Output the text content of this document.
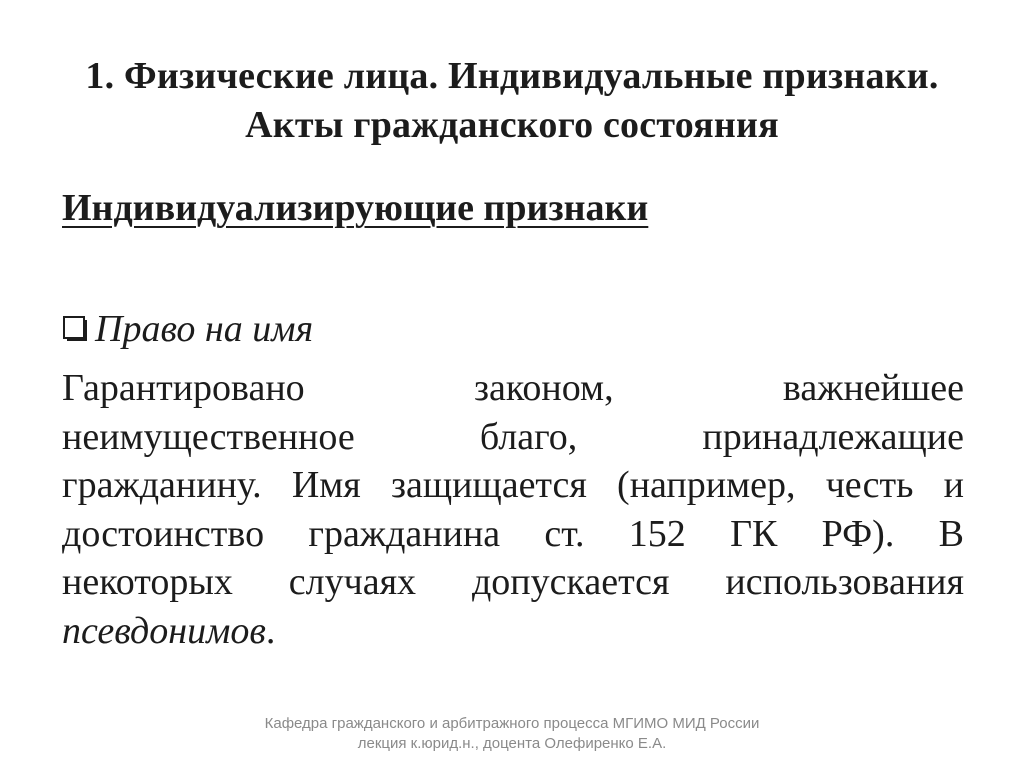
1. Физические лица. Индивидуальные признаки.
Акты гражданского состояния
Индивидуализирующие признаки
Право на имя
Гарантировано	законом,	важнейшее
неимущественное	благо,	принадлежащие
гражданину. Имя защищается (например, честь и
достоинство гражданина ст. 152 ГК РФ). В
некоторых случаях допускается использования
псевдонимов .
Кафедра гражданского и арбитражного процесса МГИМО МИД России
лекция к.юрид.н., доцента Олефиренко Е.А.
